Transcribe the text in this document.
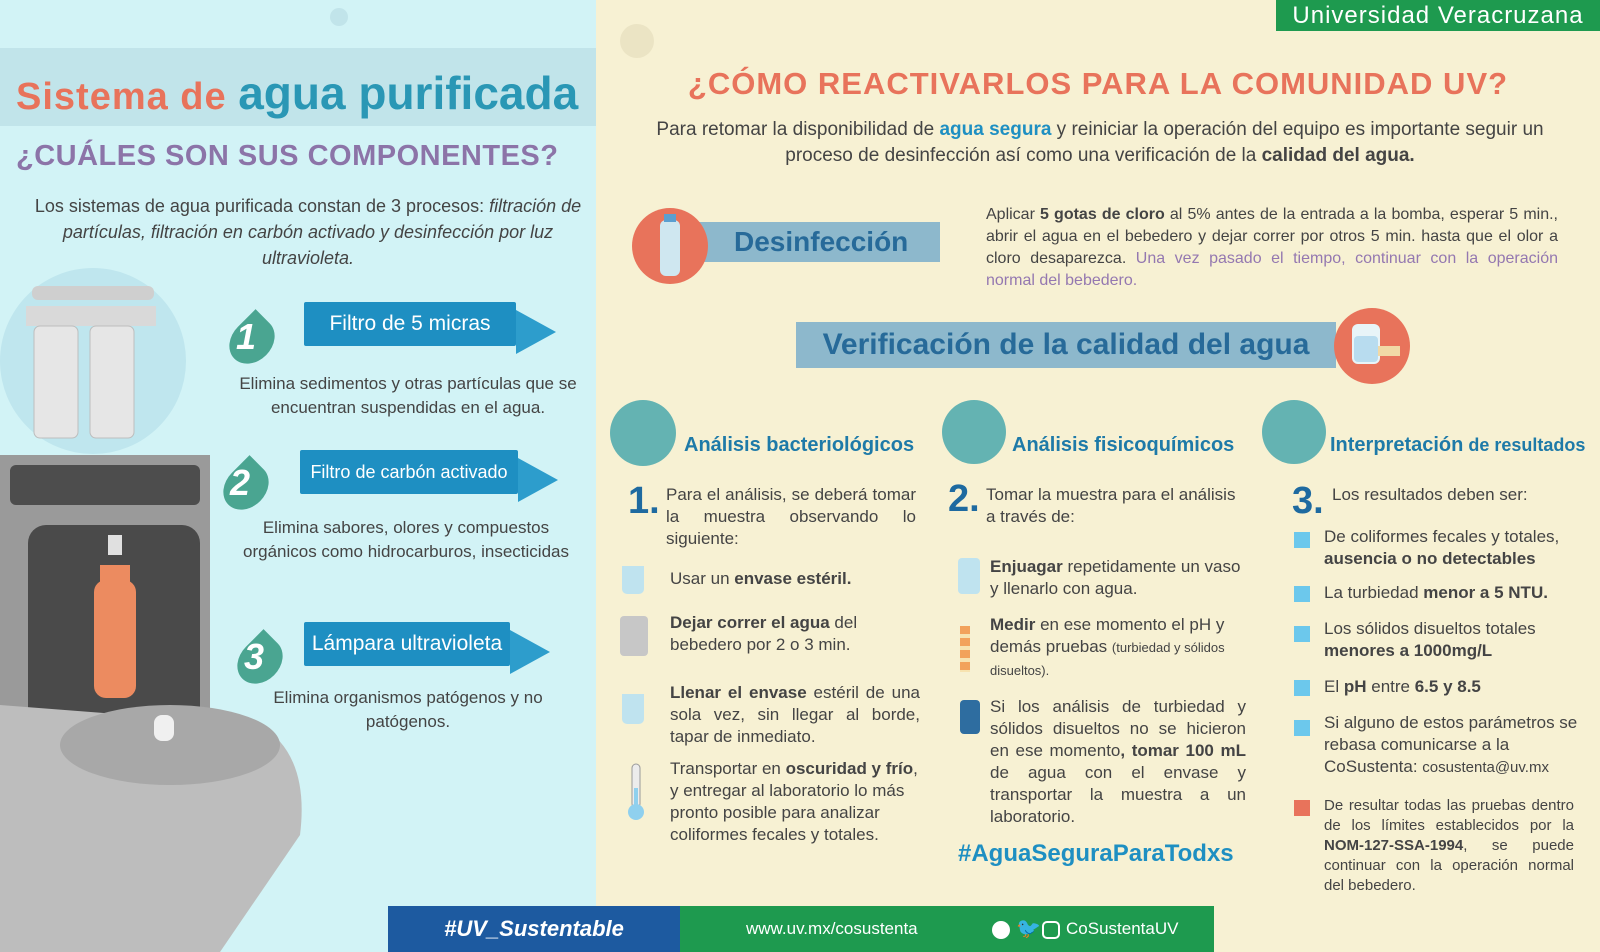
Sistema de agua purificada
¿CUÁLES SON SUS COMPONENTES?
Los sistemas de agua purificada constan de 3 procesos: filtración de partículas, filtración en carbón activado y desinfección por luz ultravioleta.
1	Filtro de 5 micras
Elimina sedimentos y otras partículas que se encuentran suspendidas en el agua.
2	Filtro de carbón activado
Elimina sabores, olores y compuestos orgánicos como hidrocarburos, insecticidas
3	Lámpara ultravioleta
Elimina organismos patógenos y no patógenos.
Universidad Veracruzana
¿CÓMO REACTIVARLOS PARA LA COMUNIDAD UV?
Para retomar la disponibilidad de agua segura y reiniciar la operación del equipo es importante seguir un proceso de desinfección así como una verificación de la calidad del agua.
Desinfección
Aplicar 5 gotas de cloro al 5% antes de la entrada a la bomba, esperar 5 min., abrir el agua en el bebedero y dejar correr por otros 5 min. hasta que el olor a cloro desaparezca. Una vez pasado el tiempo, continuar con la operación normal del bebedero.
Verificación de la calidad del agua
Análisis bacteriológicos
1. Para el análisis, se deberá tomar la muestra observando lo siguiente:
Usar un envase estéril.
Dejar correr el agua del bebedero por 2 o 3 min.
Llenar el envase estéril de una sola vez, sin llegar al borde, tapar de inmediato.
Transportar en oscuridad y frío, y entregar al laboratorio lo más pronto posible para analizar coliformes fecales y totales.
Análisis fisicoquímicos
2. Tomar la muestra para el análisis a través de:
Enjuagar repetidamente un vaso y llenarlo con agua.
Medir en ese momento el pH y demás pruebas (turbiedad y sólidos disueltos).
Si los análisis de turbiedad y sólidos disueltos no se hicieron en ese momento, tomar 100 mL de agua con el envase y transportar la muestra a un laboratorio.
#AguaSeguraParaTodxs
Interpretación de resultados
3. Los resultados deben ser:
De coliformes fecales y totales, ausencia o no detectables
La turbiedad menor a 5 NTU.
Los sólidos disueltos totales menores a 1000mg/L
El pH entre 6.5 y 8.5
Si alguno de estos parámetros se rebasa comunicarse a la CoSustenta: cosustenta@uv.mx
De resultar todas las pruebas dentro de los límites establecidos por la NOM-127-SSA-1994, se puede continuar con la operación normal del bebedero.
#UV_Sustentable	www.uv.mx/cosustenta	🐦 CoSustentaUV
